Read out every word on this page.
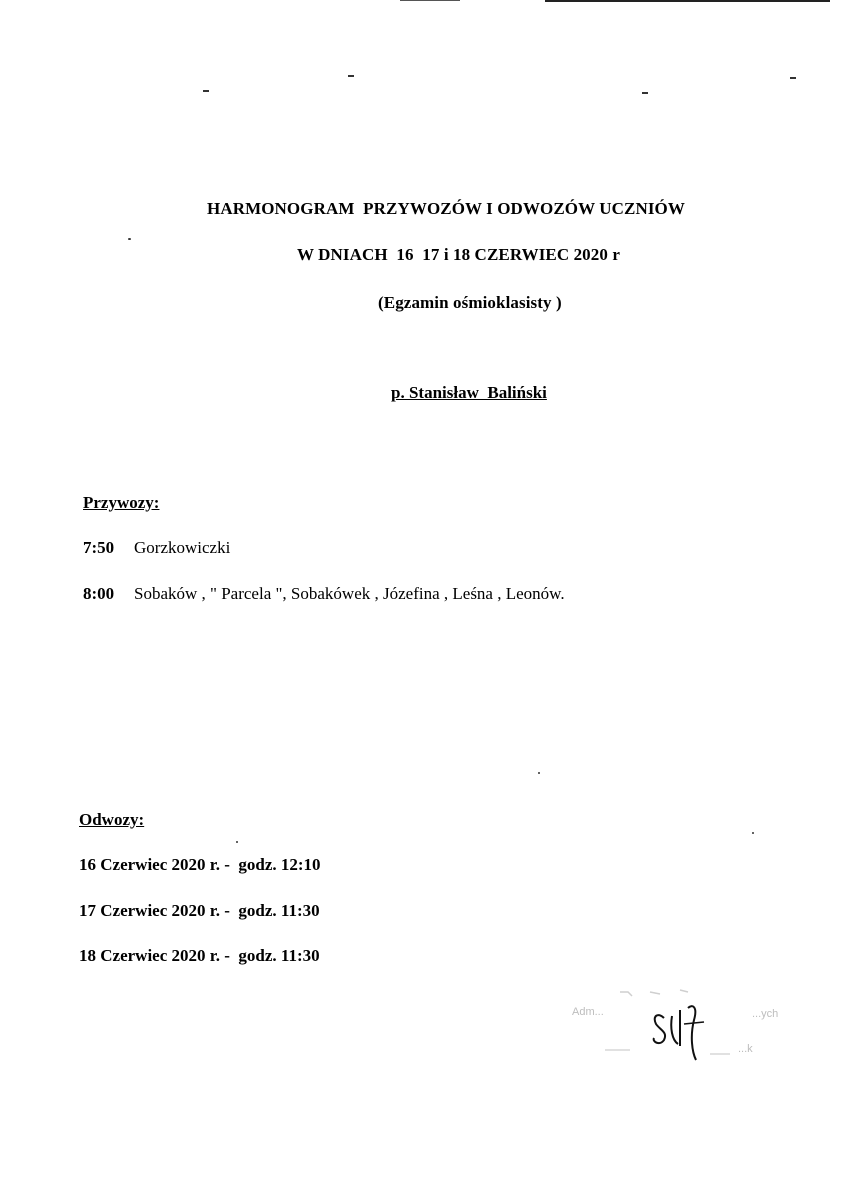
HARMONOGRAM  PRZYWOZÓW I ODWOZÓW UCZNIÓW
W DNIACH  16  17 i 18 CZERWIEC 2020 r
(Egzamin ośmioklasisty )
p. Stanisław  Baliński
Przywozy:
7:50 Gorzkowiczki
8:00 Sobaków , " Parcela ", Sobakówek , Józefina , Leśna , Leonów.
Odwozy:
16 Czerwiec 2020 r. -  godz. 12:10
17 Czerwiec 2020 r. -  godz. 11:30
18 Czerwiec 2020 r. -  godz. 11:30
Adm...	...ych
...k
